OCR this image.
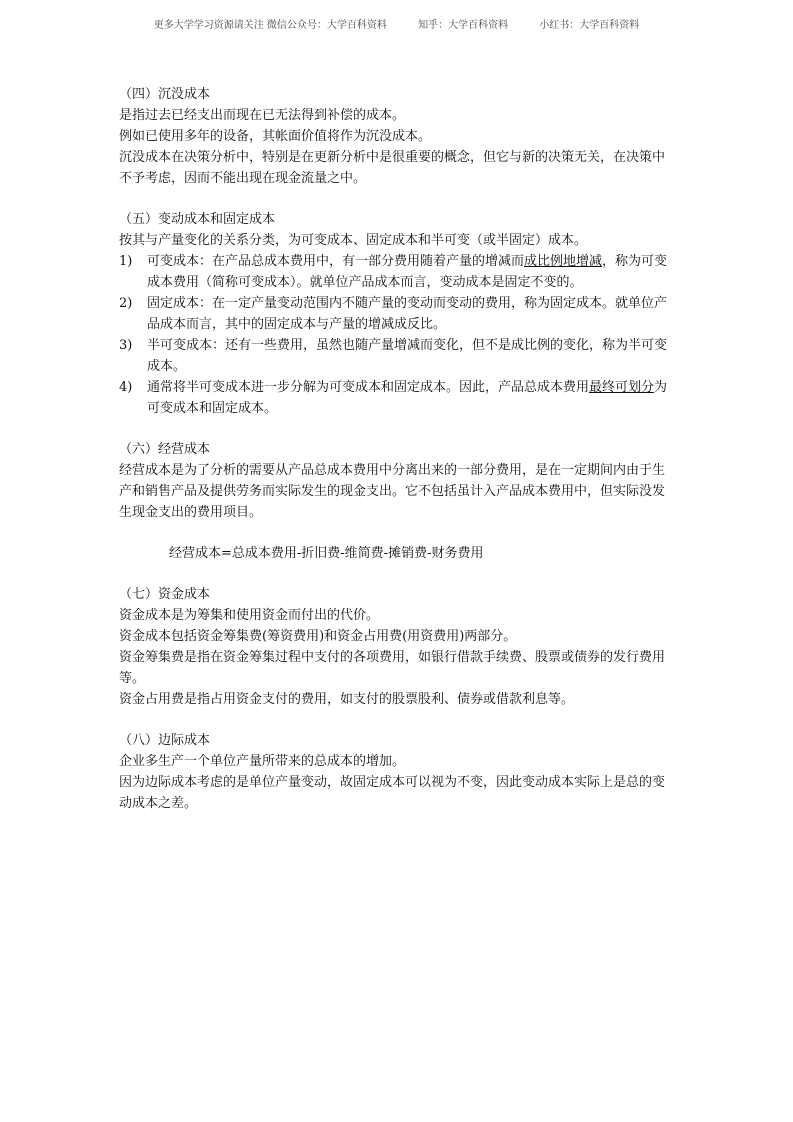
更多大学学习资源请关注 微信公众号：大学百科资料	知乎：大学百科资料	小红书：大学百科资料

（四）沉没成本

是指过去已经支出而现在已无法得到补偿的成本。

例如已使用多年的设备，其帐面价值将作为沉没成本。

沉没成本在决策分析中，特别是在更新分析中是很重要的概念，但它与新的决策无关，在决策中不予考虑，因而不能出现在现金流量之中。

（五）变动成本和固定成本

按其与产量变化的关系分类，为可变成本、固定成本和半可变（或半固定）成本。

1) 可变成本：在产品总成本费用中，有一部分费用随着产量的增减而成比例地增减，称为可变成本费用（简称可变成本）。就单位产品成本而言，变动成本是固定不变的。

2) 固定成本：在一定产量变动范围内不随产量的变动而变动的费用，称为固定成本。就单位产品成本而言，其中的固定成本与产量的增减成反比。

3) 半可变成本：还有一些费用，虽然也随产量增减而变化，但不是成比例的变化，称为半可变成本。

4) 通常将半可变成本进一步分解为可变成本和固定成本。因此，产品总成本费用最终可划分为可变成本和固定成本。

（六）经营成本

经营成本是为了分析的需要从产品总成本费用中分离出来的一部分费用，是在一定期间内由于生产和销售产品及提供劳务而实际发生的现金支出。它不包括虽计入产品成本费用中，但实际没发生现金支出的费用项目。

经营成本=总成本费用-折旧费-维简费-摊销费-财务费用

（七）资金成本

资金成本是为筹集和使用资金而付出的代价。

资金成本包括资金筹集费(筹资费用)和资金占用费(用资费用)两部分。

资金筹集费是指在资金筹集过程中支付的各项费用，如银行借款手续费、股票或债券的发行费用等。

资金占用费是指占用资金支付的费用，如支付的股票股利、债券或借款利息等。

（八）边际成本

企业多生产一个单位产量所带来的总成本的增加。

因为边际成本考虑的是单位产量变动，故固定成本可以视为不变，因此变动成本实际上是总的变动成本之差。
